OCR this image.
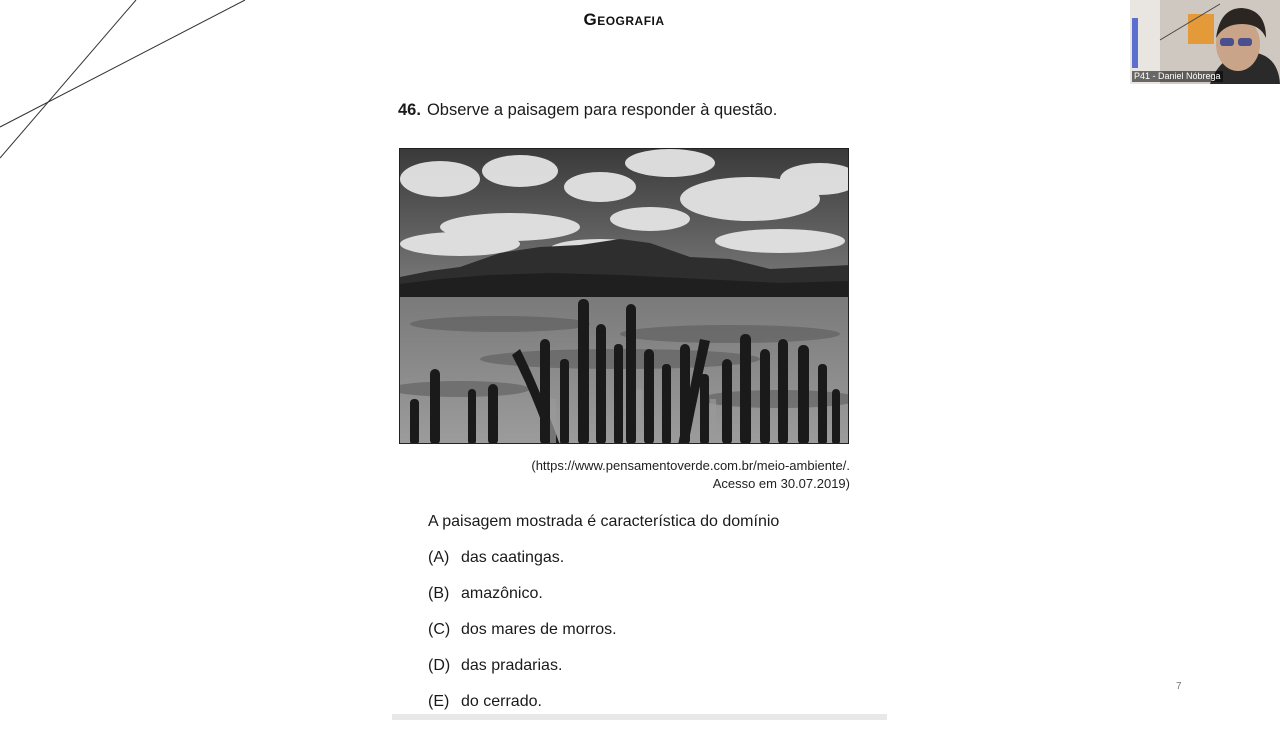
Geografia
46. Observe a paisagem para responder à questão.
(https://www.pensamentoverde.com.br/meio-ambiente/.
Acesso em 30.07.2019)
A paisagem mostrada é característica do domínio
(A) das caatingas.
(B) amazônico.
(C) dos mares de morros.
(D) das pradarias.
(E) do cerrado.
7
P41 - Daniel Nóbrega
